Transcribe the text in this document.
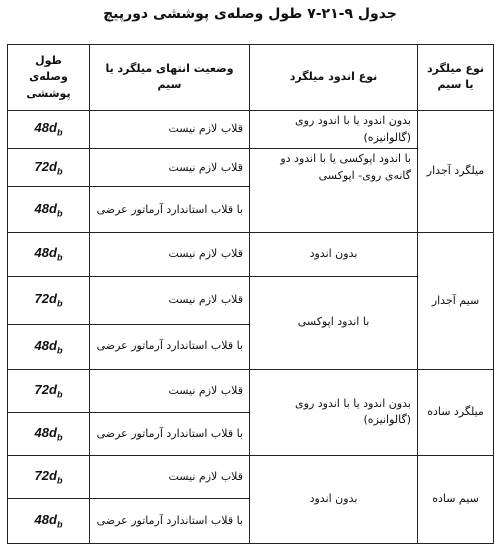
جدول ۹-۲۱-۷ طول وصله‌ی پوششی دورپیچ
نوع میلگرد یا سیم	نوع اندود میلگرد	وضعیت انتهای میلگرد یا سیم	طول وصله‌ی پوششی
میلگرد آجدار	بدون اندود یا با اندود روی (گالوانیزه)	قلاب لازم نیست	$48d_b$
	با اندود اپوکسی یا با اندود دو گانه‌ی روی- اپوکسی	قلاب لازم نیست	$72d_b$
		با قلاب استاندارد آرماتور عرضی	$48d_b$
سیم آجدار	بدون اندود	قلاب لازم نیست	$48d_b$
	با اندود اپوکسی	قلاب لازم نیست	$72d_b$
		با قلاب استاندارد آرماتور عرضی	$48d_b$
میلگرد ساده	بدون اندود یا با اندود روی (گالوانیزه)	قلاب لازم نیست	$72d_b$
		با قلاب استاندارد آرماتور عرضی	$48d_b$
سیم ساده	بدون اندود	قلاب لازم نیست	$72d_b$
		با قلاب استاندارد آرماتور عرضی	$48d_b$
